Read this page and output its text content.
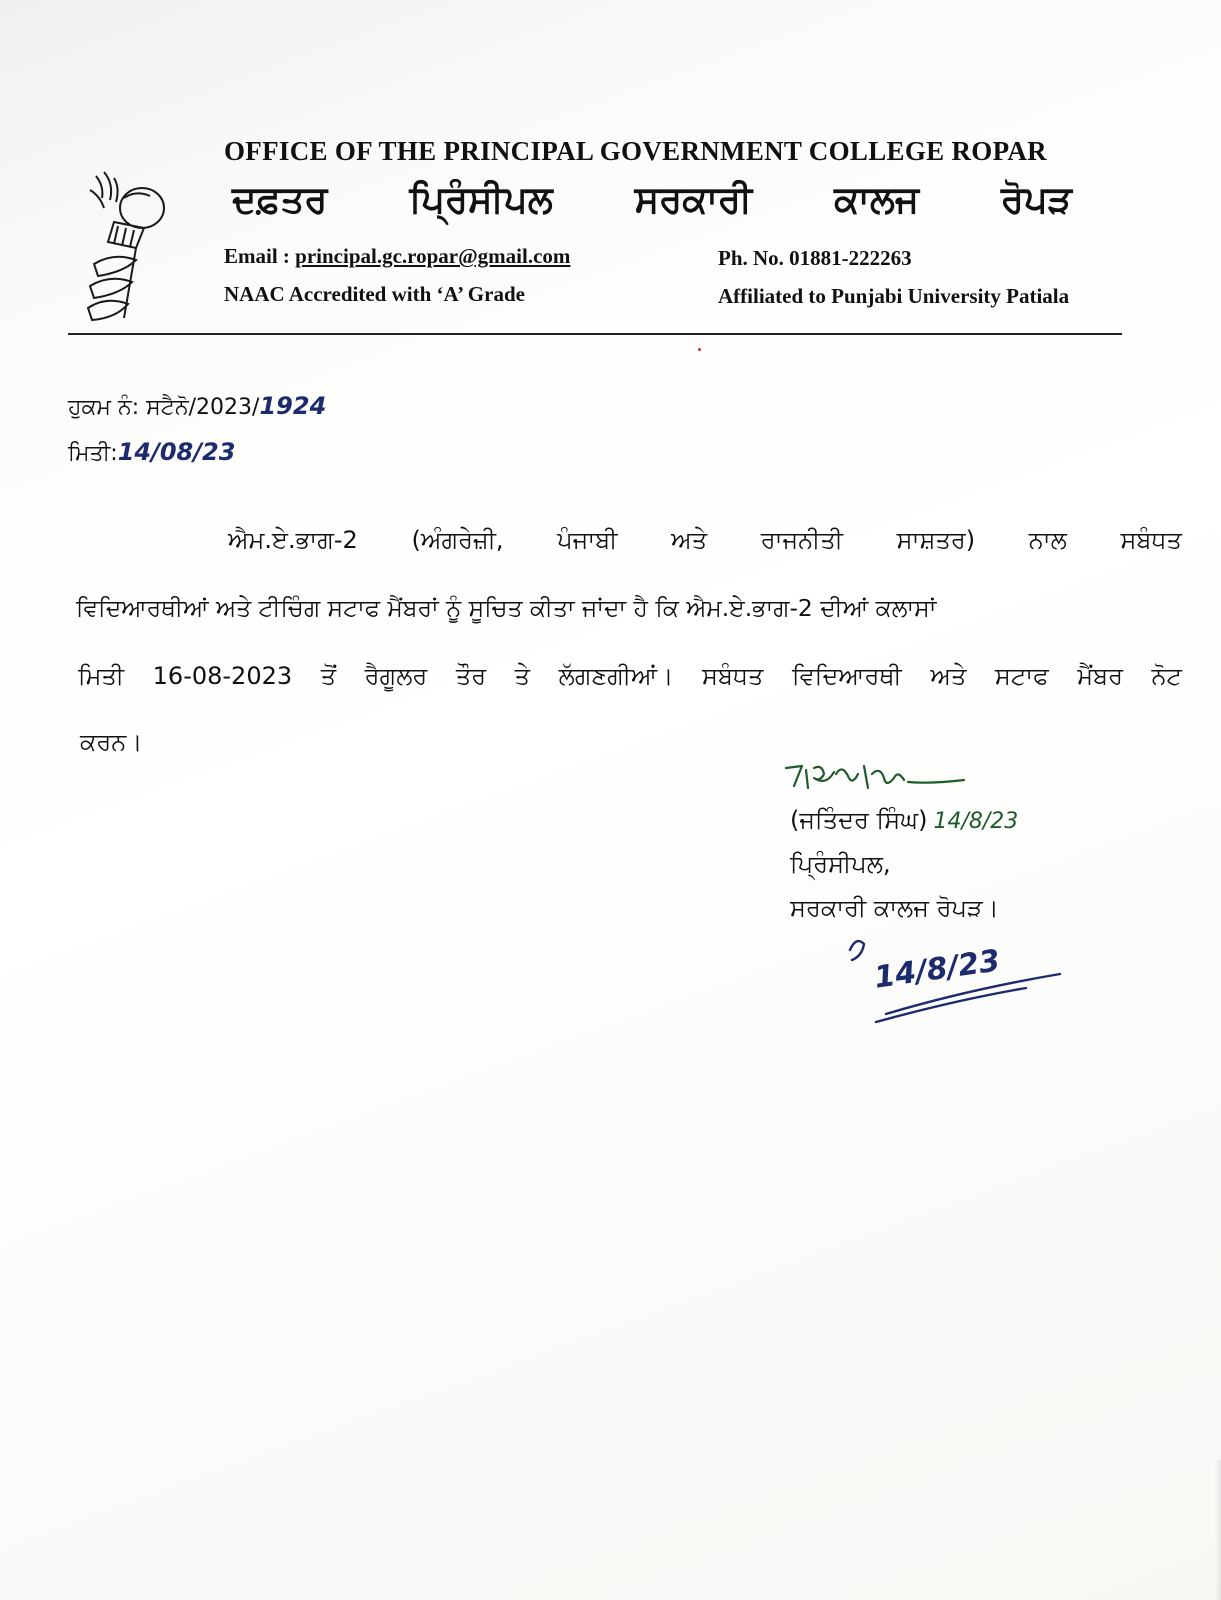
OFFICE OF THE PRINCIPAL GOVERNMENT COLLEGE ROPAR
ਦਫ਼ਤਰ ਪ੍ਰਿੰਸੀਪਲ ਸਰਕਾਰੀ ਕਾਲਜ ਰੋਪੜ
Email : principal.gc.ropar@gmail.com	Ph. No. 01881-222263
NAAC Accredited with ‘A’ Grade	Affiliated to Punjabi University Patiala
ਹੁਕਮ ਨੰ: ਸਟੈਨੋ/2023/1924
ਮਿਤੀ:14/08/23
ਐਮ.ਏ.ਭਾਗ-2 (ਅੰਗਰੇਜ਼ੀ, ਪੰਜਾਬੀ ਅਤੇ ਰਾਜਨੀਤੀ ਸਾਸ਼ਤਰ) ਨਾਲ ਸਬੰਧਤ
ਵਿਦਿਆਰਥੀਆਂ ਅਤੇ ਟੀਚਿੰਗ ਸਟਾਫ ਮੈਂਬਰਾਂ ਨੂੰ ਸੂਚਿਤ ਕੀਤਾ ਜਾਂਦਾ ਹੈ ਕਿ ਐਮ.ਏ.ਭਾਗ-2 ਦੀਆਂ ਕਲਾਸਾਂ
ਮਿਤੀ 16-08-2023 ਤੋਂ ਰੈਗੂਲਰ ਤੌਰ ਤੇ ਲੱਗਣਗੀਆਂ। ਸਬੰਧਤ ਵਿਦਿਆਰਥੀ ਅਤੇ ਸਟਾਫ ਮੈਂਬਰ ਨੋਟ
ਕਰਨ।
(ਜਤਿੰਦਰ ਸਿੰਘ) 14/8/23
ਪ੍ਰਿੰਸੀਪਲ,
ਸਰਕਾਰੀ ਕਾਲਜ ਰੋਪੜ।
14/8/23
